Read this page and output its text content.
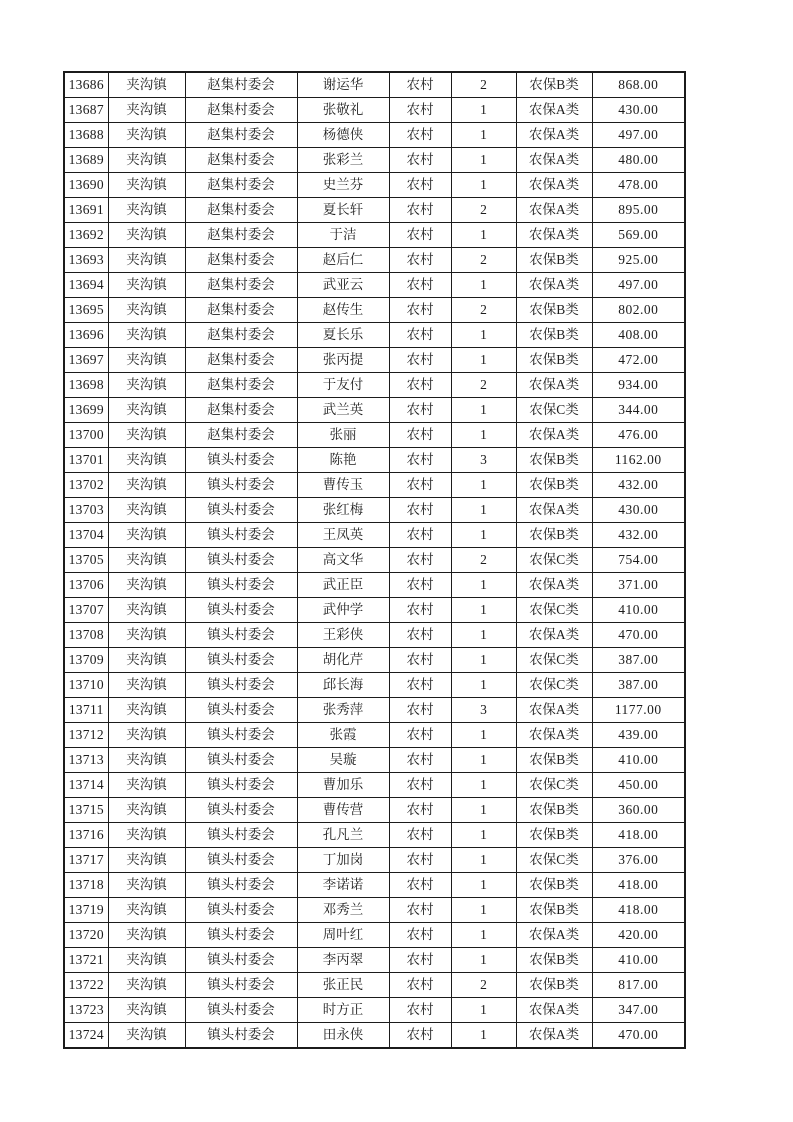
13686	夹沟镇	赵集村委会	谢运华	农村	2	农保B类	868.00
13687	夹沟镇	赵集村委会	张敬礼	农村	1	农保A类	430.00
13688	夹沟镇	赵集村委会	杨德侠	农村	1	农保A类	497.00
13689	夹沟镇	赵集村委会	张彩兰	农村	1	农保A类	480.00
13690	夹沟镇	赵集村委会	史兰芬	农村	1	农保A类	478.00
13691	夹沟镇	赵集村委会	夏长轩	农村	2	农保A类	895.00
13692	夹沟镇	赵集村委会	于洁	农村	1	农保A类	569.00
13693	夹沟镇	赵集村委会	赵后仁	农村	2	农保B类	925.00
13694	夹沟镇	赵集村委会	武亚云	农村	1	农保A类	497.00
13695	夹沟镇	赵集村委会	赵传生	农村	2	农保B类	802.00
13696	夹沟镇	赵集村委会	夏长乐	农村	1	农保B类	408.00
13697	夹沟镇	赵集村委会	张丙提	农村	1	农保B类	472.00
13698	夹沟镇	赵集村委会	于友付	农村	2	农保A类	934.00
13699	夹沟镇	赵集村委会	武兰英	农村	1	农保C类	344.00
13700	夹沟镇	赵集村委会	张丽	农村	1	农保A类	476.00
13701	夹沟镇	镇头村委会	陈艳	农村	3	农保B类	1162.00
13702	夹沟镇	镇头村委会	曹传玉	农村	1	农保B类	432.00
13703	夹沟镇	镇头村委会	张红梅	农村	1	农保A类	430.00
13704	夹沟镇	镇头村委会	王凤英	农村	1	农保B类	432.00
13705	夹沟镇	镇头村委会	高文华	农村	2	农保C类	754.00
13706	夹沟镇	镇头村委会	武正臣	农村	1	农保A类	371.00
13707	夹沟镇	镇头村委会	武仲学	农村	1	农保C类	410.00
13708	夹沟镇	镇头村委会	王彩侠	农村	1	农保A类	470.00
13709	夹沟镇	镇头村委会	胡化芹	农村	1	农保C类	387.00
13710	夹沟镇	镇头村委会	邱长海	农村	1	农保C类	387.00
13711	夹沟镇	镇头村委会	张秀萍	农村	3	农保A类	1177.00
13712	夹沟镇	镇头村委会	张霞	农村	1	农保A类	439.00
13713	夹沟镇	镇头村委会	吴璇	农村	1	农保B类	410.00
13714	夹沟镇	镇头村委会	曹加乐	农村	1	农保C类	450.00
13715	夹沟镇	镇头村委会	曹传营	农村	1	农保B类	360.00
13716	夹沟镇	镇头村委会	孔凡兰	农村	1	农保B类	418.00
13717	夹沟镇	镇头村委会	丁加岗	农村	1	农保C类	376.00
13718	夹沟镇	镇头村委会	李诺诺	农村	1	农保B类	418.00
13719	夹沟镇	镇头村委会	邓秀兰	农村	1	农保B类	418.00
13720	夹沟镇	镇头村委会	周叶红	农村	1	农保A类	420.00
13721	夹沟镇	镇头村委会	李丙翠	农村	1	农保B类	410.00
13722	夹沟镇	镇头村委会	张正民	农村	2	农保B类	817.00
13723	夹沟镇	镇头村委会	时方正	农村	1	农保A类	347.00
13724	夹沟镇	镇头村委会	田永侠	农村	1	农保A类	470.00
